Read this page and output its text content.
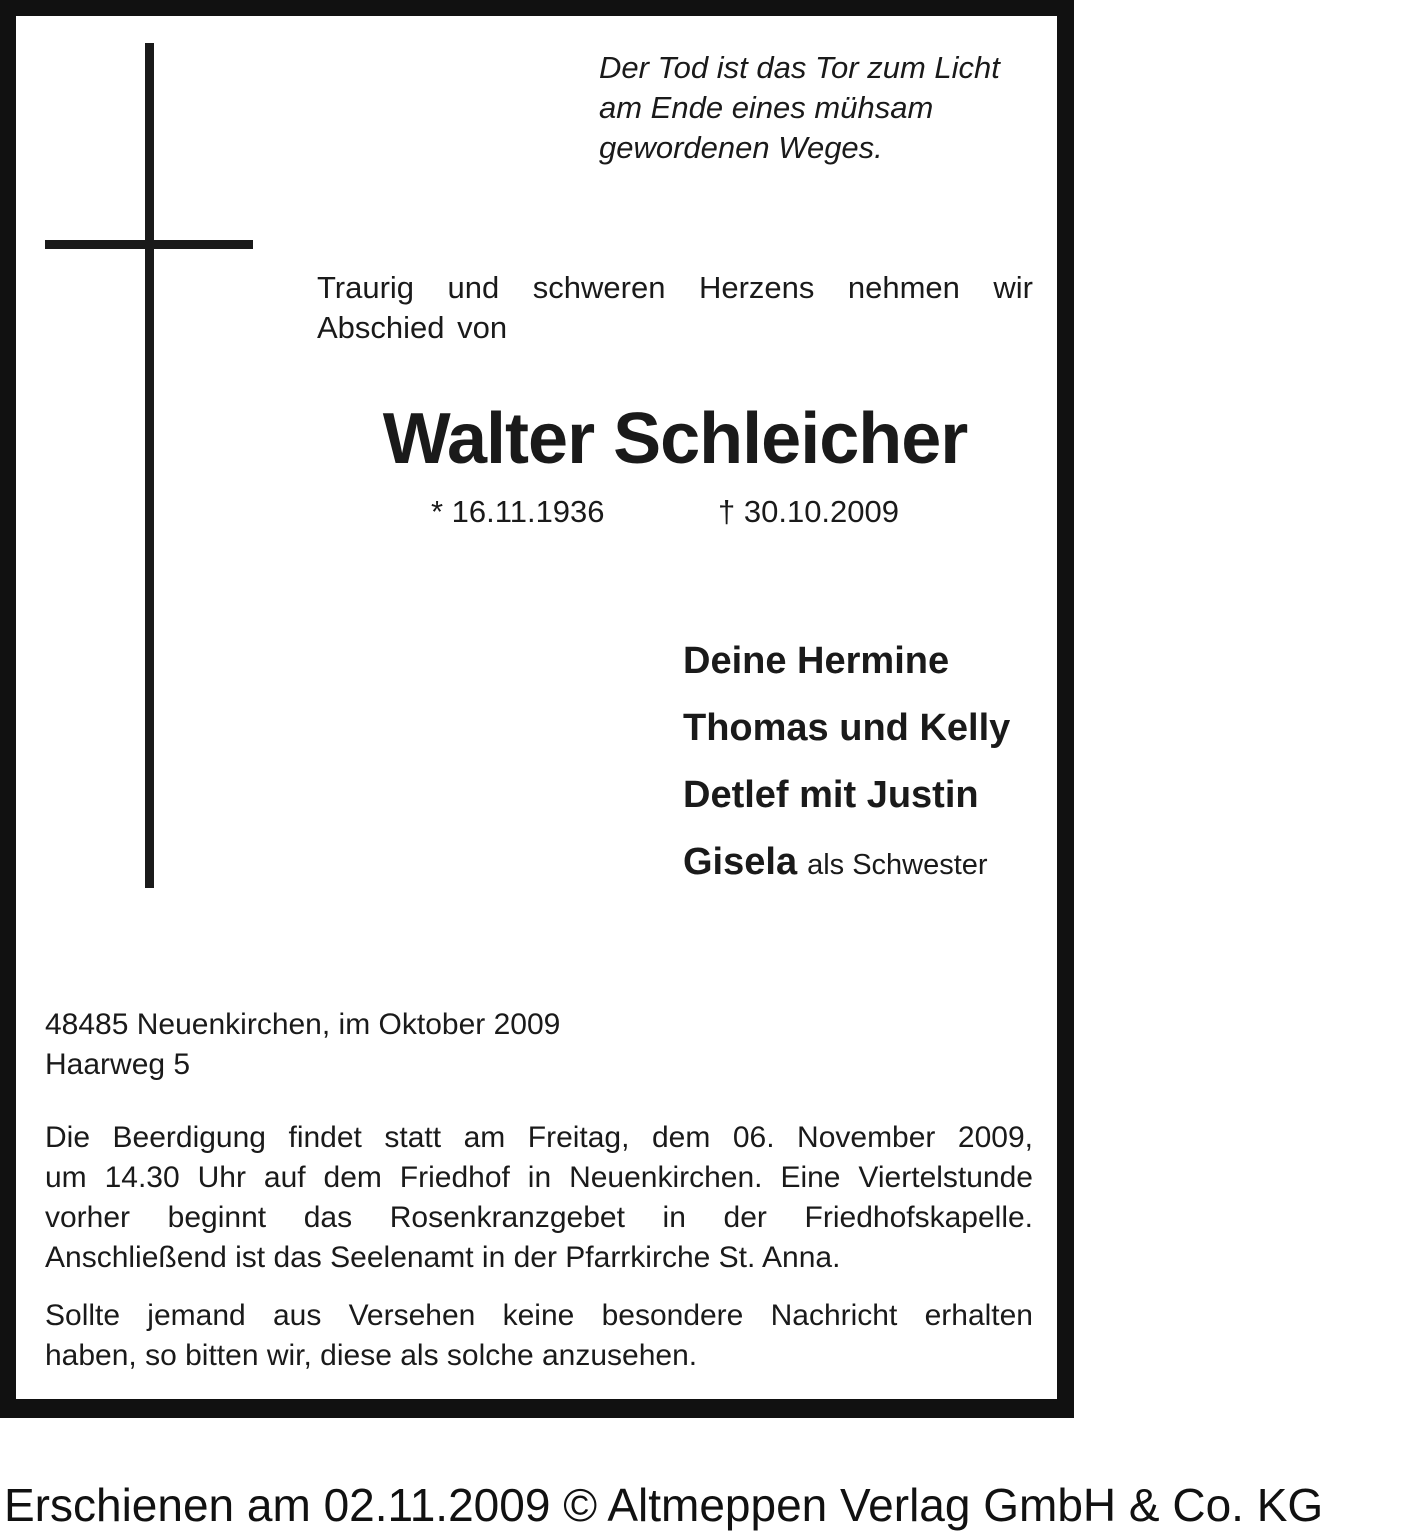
Der Tod ist das Tor zum Licht
am Ende eines mühsam
gewordenen Weges.

Traurig und schweren Herzens nehmen wir Abschied von

Walter Schleicher

* 16.11.1936	† 30.10.2009

Deine Hermine
Thomas und Kelly
Detlef mit Justin
Gisela als Schwester

48485 Neuenkirchen, im Oktober 2009
Haarweg 5

Die Beerdigung findet statt am Freitag, dem 06. November 2009,
um 14.30 Uhr auf dem Friedhof in Neuenkirchen. Eine Viertelstunde
vorher beginnt das Rosenkranzgebet in der Friedhofskapelle.
Anschließend ist das Seelenamt in der Pfarrkirche St. Anna.

Sollte jemand aus Versehen keine besondere Nachricht erhalten
haben, so bitten wir, diese als solche anzusehen.

Erschienen am 02.11.2009 © Altmeppen Verlag GmbH & Co. KG
